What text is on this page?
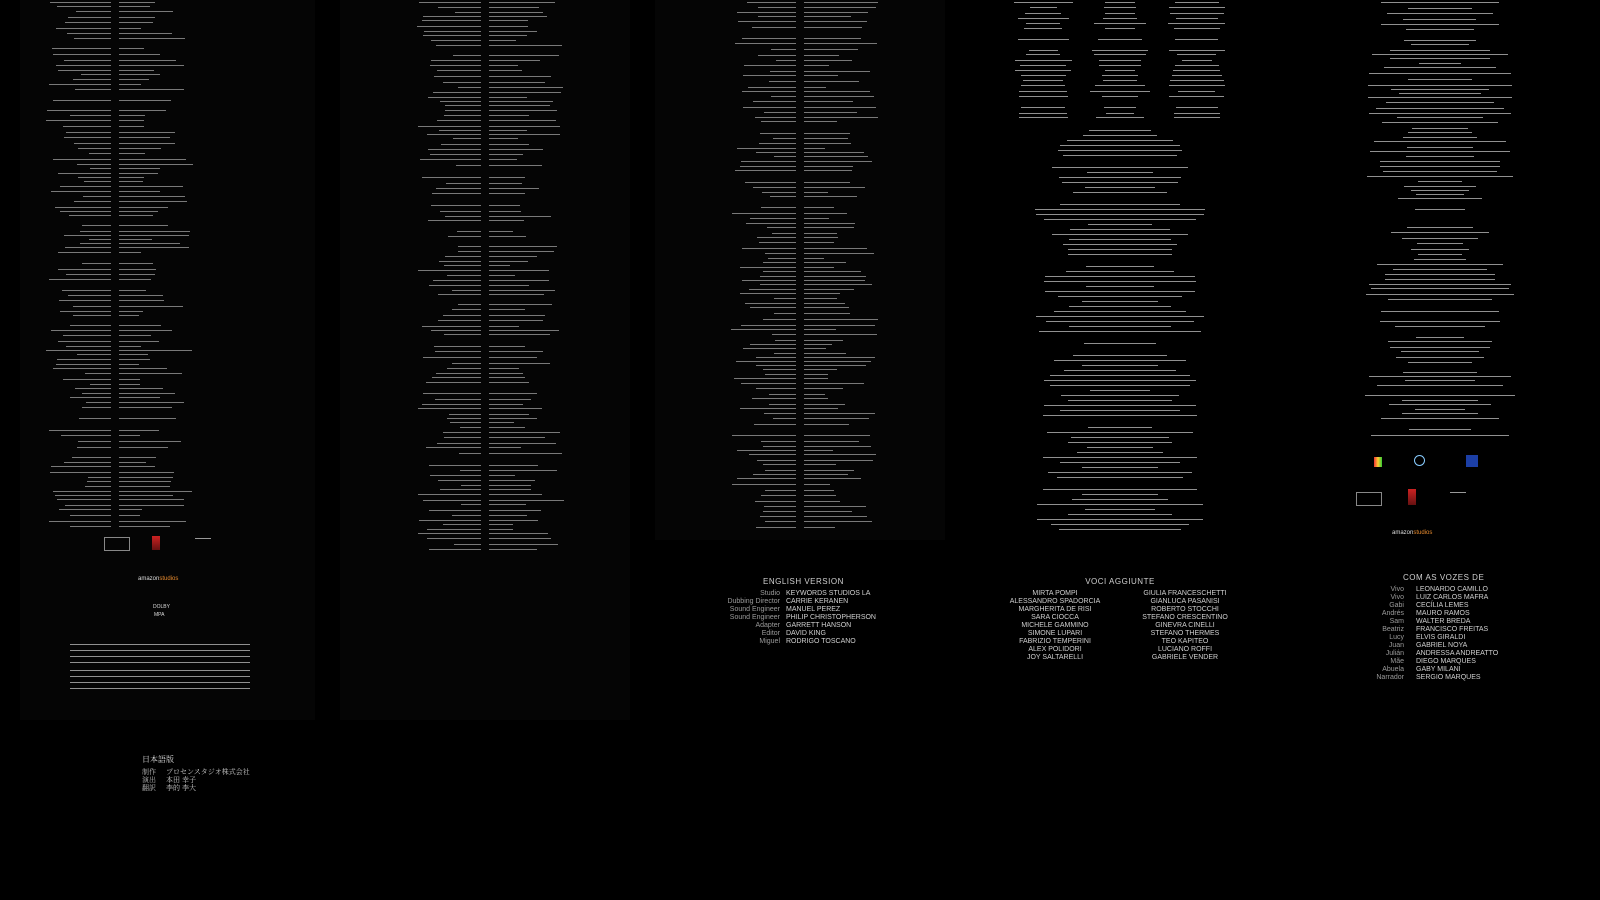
amazonstudios
DOLBY
MPA
日本語版
制作 プロセンスタジオ株式会社
演出 本田 幸子
翻訳 李的 李大
ENGLISH VERSION
Studio KEYWORDS STUDIOS LA
Dubbing Director CARRIE KERANEN
Sound Engineer MANUEL PEREZ
Sound Engineer PHILIP CHRISTOPHERSON
Adapter GARRETT HANSON
Editor DAVID KING
Miguel RODRIGO TOSCANO
VOCI AGGIUNTE
MIRTA POMPI
ALESSANDRO SPADORCIA
MARGHERITA DE RISI
SARA CIOCCA
MICHELE GAMMINO
SIMONE LUPARI
FABRIZIO TEMPERINI
ALEX POLIDORI
JOY SALTARELLI
GIULIA FRANCESCHETTI
GIANLUCA PASANISI
ROBERTO STOCCHI
STEFANO CRESCENTINO
GINEVRA CINELLI
STEFANO THERMES
TEO KAPITEO
LUCIANO ROFFI
GABRIELE VENDER
amazonstudios
COM AS VOZES DE
Vivo LEONARDO CAMILLO
Vivo LUIZ CARLOS MAFRA
Gabi CECÍLIA LEMES
Andrés MAURO RAMOS
Sam WALTER BREDA
Beatriz FRANCISCO FREITAS
Lucy ELVIS GIRALDI
Juan GABRIEL NOYA
Julián ANDRESSA ANDREATTO
Mãe DIEGO MARQUES
Abuela GABY MILANI
Narrador SERGIO MARQUES
